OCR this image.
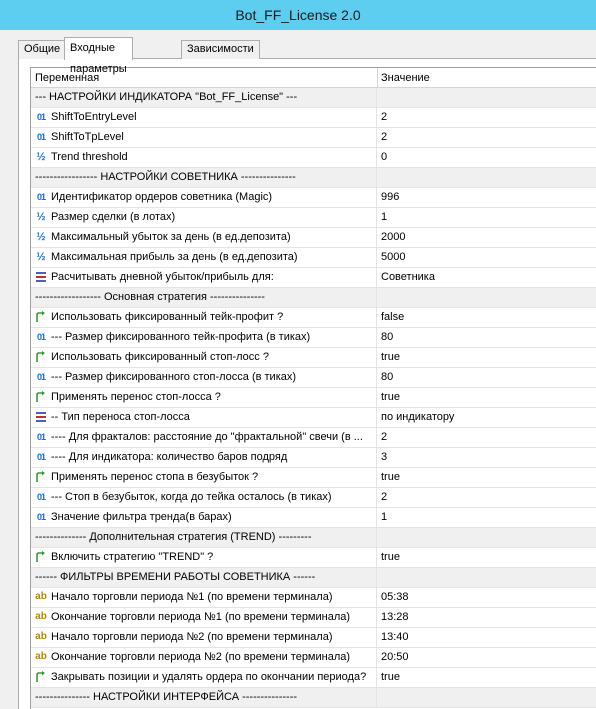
Bot_FF_License 2.0
Общие Входные параметры
Зависимости
Переменная	Значение
--- НАСТРОЙКИ ИНДИКАТОРА "Bot_FF_License" ---
01 ShiftToEntryLevel	2
01 ShiftToTpLevel	2
½ Trend threshold	0
----------------- НАСТРОЙКИ СОВЕТНИКА ---------------
01 Идентификатор ордеров советника (Magic)	996
½ Размер сделки (в лотах)	1
½ Максимальный убыток за день (в ед.депозита)	2000
½ Максимальная прибыль за день (в ед.депозита)	5000
Расчитывать дневной убыток/прибыль для:	Советника
------------------ Основная стратегия ---------------
Использовать фиксированный тейк-профит ?	false
01 --- Размер фиксированного тейк-профита (в тиках)	80
Использовать фиксированный стоп-лосс ?	true
01 --- Размер фиксированного стоп-лосса (в тиках)	80
Применять перенос стоп-лосса ?	true
-- Тип переноса стоп-лосса	по индикатору
01 ---- Для фракталов: расстояние до "фрактальной" свечи (в ... 2
01 ---- Для индикатора: количество баров подряд	3
Применять перенос стопа в безубыток ?	true
01 --- Стоп в безубыток, когда до тейка осталось (в тиках)	2
01 Значение фильтра тренда(в барах)	1
-------------- Дополнительная стратегия (TREND) ---------
Включить стратегию "TREND" ?	true
------ ФИЛЬТРЫ ВРЕМЕНИ РАБОТЫ СОВЕТНИКА ------
ab Начало торговли периода №1 (по времени терминала)	05:38
ab Окончание торговли периода №1 (по времени терминала)	13:28
ab Начало торговли периода №2 (по времени терминала)	13:40
ab Окончание торговли периода №2 (по времени терминала)	20:50
Закрывать позиции и удалять ордера по окончании периода? true
--------------- НАСТРОЙКИ ИНТЕРФЕЙСА ---------------
